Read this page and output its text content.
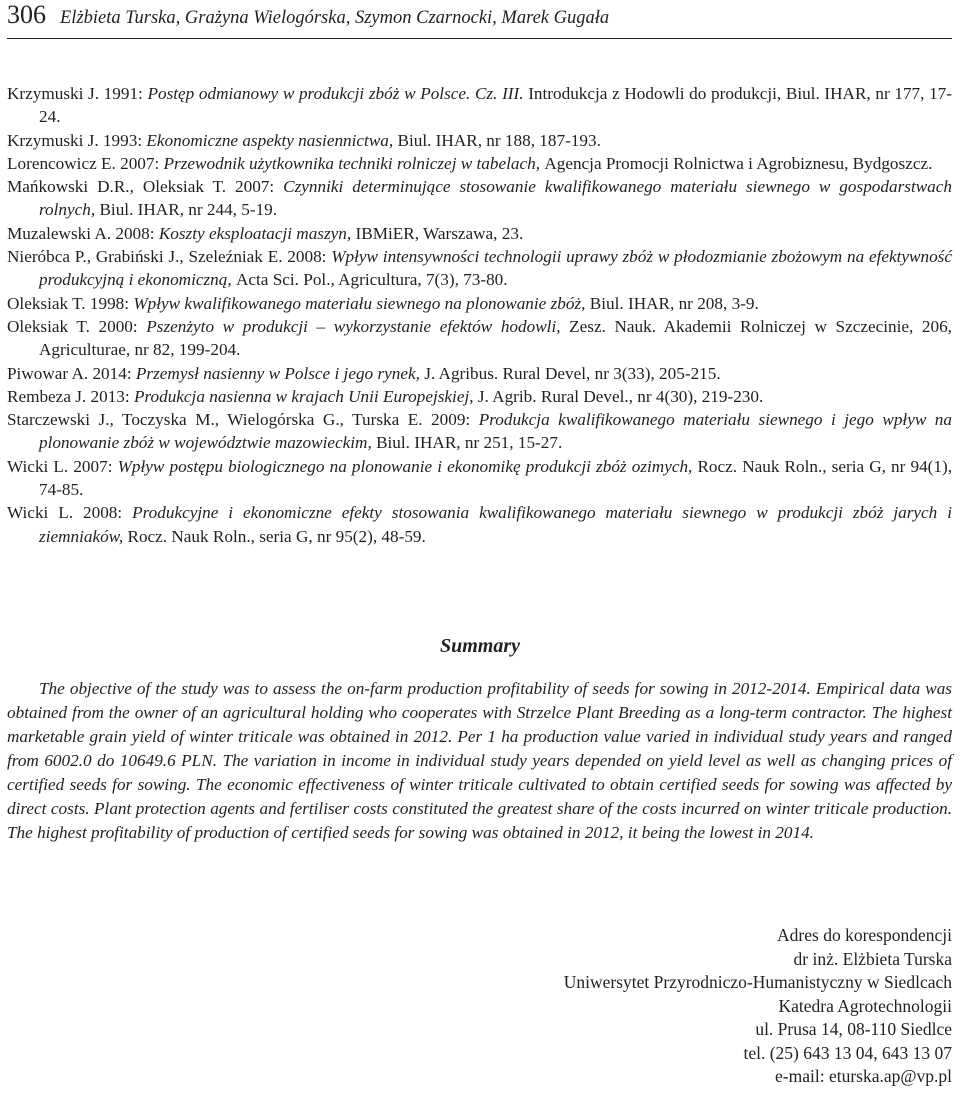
306 Elżbieta Turska, Grażyna Wielogórska, Szymon Czarnocki, Marek Gugała

Krzymuski J. 1991: Postęp odmianowy w produkcji zbóż w Polsce. Cz. III. Introdukcja z Hodowli do produkcji, Biul. IHAR, nr 177, 17-24.

Krzymuski J. 1993: Ekonomiczne aspekty nasiennictwa, Biul. IHAR, nr 188, 187-193.

Lorencowicz E. 2007: Przewodnik użytkownika techniki rolniczej w tabelach, Agencja Promocji Rolnictwa i Agrobiznesu, Bydgoszcz.

Mańkowski D.R., Oleksiak T. 2007: Czynniki determinujące stosowanie kwalifikowanego materiału siewnego w gospodarstwach rolnych, Biul. IHAR, nr 244, 5-19.

Muzalewski A. 2008: Koszty eksploatacji maszyn, IBMiER, Warszawa, 23.

Nieróbca P., Grabiński J., Szeleźniak E. 2008: Wpływ intensywności technologii uprawy zbóż w płodozmianie zbożowym na efektywność produkcyjną i ekonomiczną, Acta Sci. Pol., Agricultura, 7(3), 73-80.

Oleksiak T. 1998: Wpływ kwalifikowanego materiału siewnego na plonowanie zbóż, Biul. IHAR, nr 208, 3-9.

Oleksiak T. 2000: Pszenżyto w produkcji – wykorzystanie efektów hodowli, Zesz. Nauk. Akademii Rolniczej w Szczecinie, 206, Agriculturae, nr 82, 199-204.

Piwowar A. 2014: Przemysł nasienny w Polsce i jego rynek, J. Agribus. Rural Devel, nr 3(33), 205-215.

Rembeza J. 2013: Produkcja nasienna w krajach Unii Europejskiej, J. Agrib. Rural Devel., nr 4(30), 219-230.

Starczewski J., Toczyska M., Wielogórska G., Turska E. 2009: Produkcja kwalifikowanego materiału siewnego i jego wpływ na plonowanie zbóż w województwie mazowieckim, Biul. IHAR, nr 251, 15-27.

Wicki L. 2007: Wpływ postępu biologicznego na plonowanie i ekonomikę produkcji zbóż ozimych, Rocz. Nauk Roln., seria G, nr 94(1), 74-85.

Wicki L. 2008: Produkcyjne i ekonomiczne efekty stosowania kwalifikowanego materiału siewnego w produkcji zbóż jarych i ziemniaków, Rocz. Nauk Roln., seria G, nr 95(2), 48-59.

Summary

The objective of the study was to assess the on-farm production profitability of seeds for sowing in 2012-2014. Empirical data was obtained from the owner of an agricultural holding who cooperates with Strzelce Plant Breeding as a long-term contractor. The highest marketable grain yield of winter triticale was obtained in 2012. Per 1 ha production value varied in individual study years and ranged from 6002.0 do 10649.6 PLN. The variation in income in individual study years depended on yield level as well as changing prices of certified seeds for sowing. The economic effectiveness of winter triticale cultivated to obtain certified seeds for sowing was affected by direct costs. Plant protection agents and fertiliser costs constituted the greatest share of the costs incurred on winter triticale production. The highest profitability of production of certified seeds for sowing was obtained in 2012, it being the lowest in 2014.

Adres do korespondencji
dr inż. Elżbieta Turska
Uniwersytet Przyrodniczo-Humanistyczny w Siedlcach
Katedra Agrotechnologii
ul. Prusa 14, 08-110 Siedlce
tel. (25) 643 13 04, 643 13 07
e-mail: eturska.ap@vp.pl
